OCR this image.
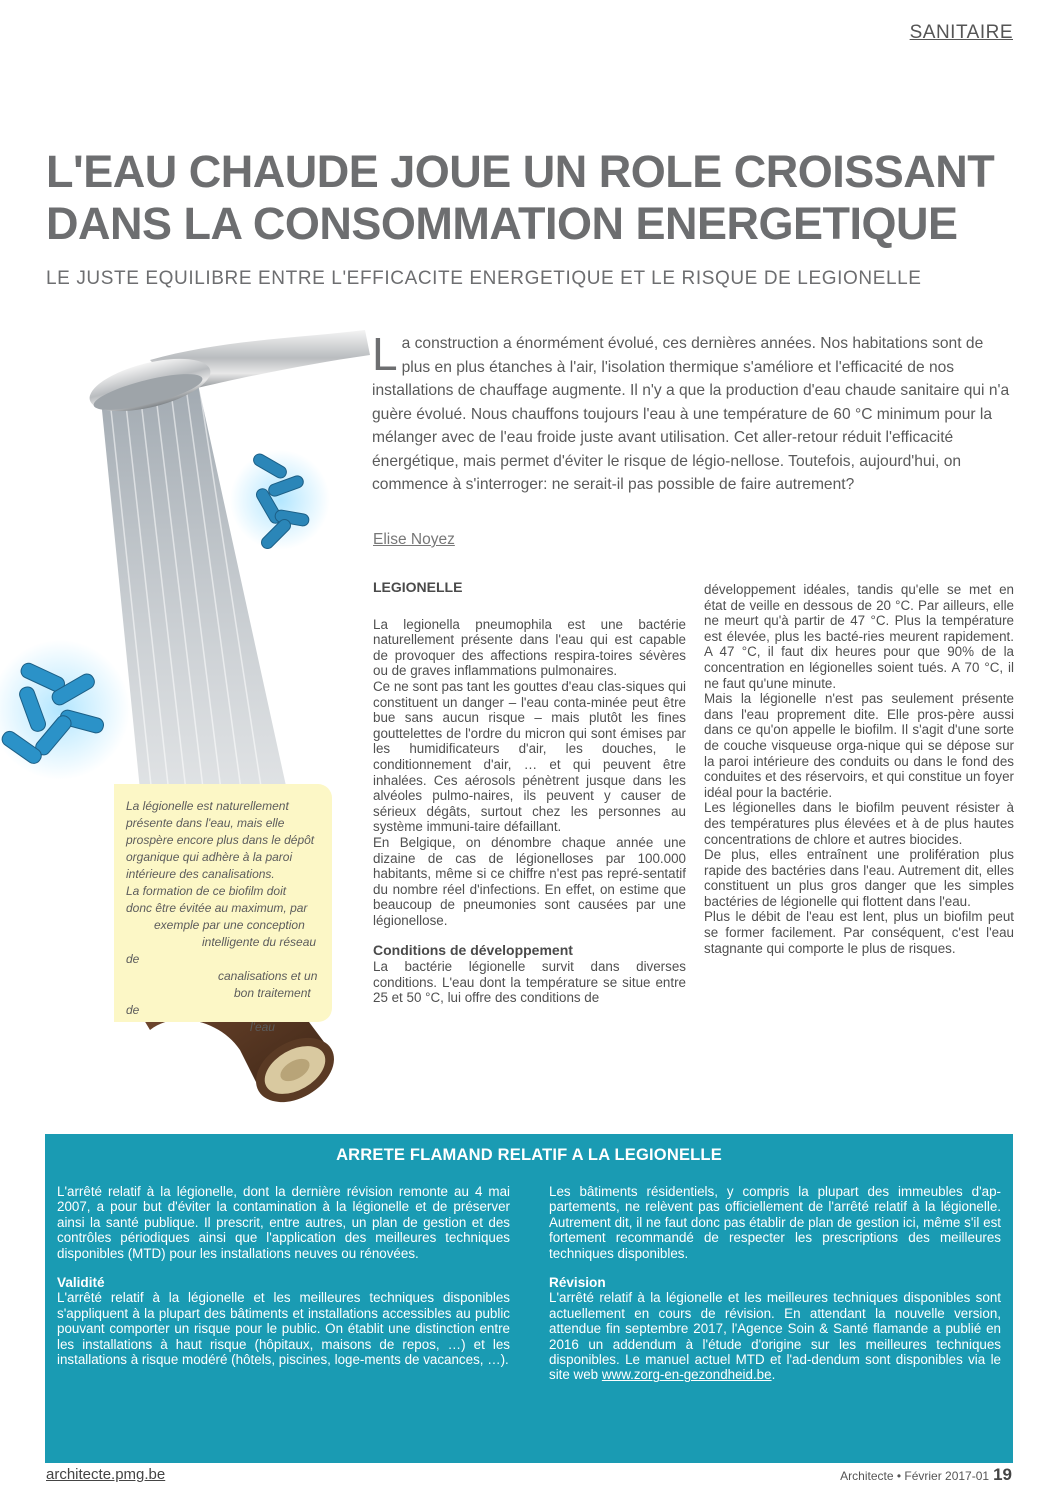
SANITAIRE
L'EAU CHAUDE JOUE UN ROLE CROISSANT
DANS LA CONSOMMATION ENERGETIQUE
LE JUSTE EQUILIBRE ENTRE L'EFFICACITE ENERGETIQUE ET LE RISQUE DE LEGIONELLE

La légionelle est naturellement
présente dans l'eau, mais elle
prospère encore plus dans le dépôt
organique qui adhère à la paroi
intérieure des canalisations.
La formation de ce biofilm doit
donc être évitée au maximum, par
exemple par une conception
intelligente du réseau de
canalisations et un
bon traitement de
l'eau

La construction a énormément évolué, ces dernières années. Nos habitations sont de plus en plus étanches à l'air, l'isolation thermique s'améliore et l'efficacité de nos installations de chauffage augmente. Il n'y a que la production d'eau chaude sanitaire qui n'a guère évolué. Nous chauffons toujours l'eau à une température de 60 °C minimum pour la mélanger avec de l'eau froide juste avant utilisation. Cet aller-retour réduit l'efficacité énergétique, mais permet d'éviter le risque de légio-nellose. Toutefois, aujourd'hui, on commence à s'interroger: ne serait-il pas possible de faire autrement?
Elise Noyez
LEGIONELLE

La legionella pneumophila est une bactérie naturellement présente dans l'eau qui est capable de provoquer des affections respira-toires sévères ou de graves inflammations pulmonaires.

Ce ne sont pas tant les gouttes d'eau clas-siques qui constituent un danger – l'eau conta-minée peut être bue sans aucun risque – mais plutôt les fines gouttelettes de l'ordre du micron qui sont émises par les humidificateurs d'air, les douches, le conditionnement d'air, … et qui peuvent être inhalées. Ces aérosols pénètrent jusque dans les alvéoles pulmo-naires, ils peuvent y causer de sérieux dégâts, surtout chez les personnes au système immuni-taire défaillant.

En Belgique, on dénombre chaque année une dizaine de cas de légionelloses par 100.000 habitants, même si ce chiffre n'est pas repré-sentatif du nombre réel d'infections. En effet, on estime que beaucoup de pneumonies sont causées par une légionellose.

Conditions de développement

La bactérie légionelle survit dans diverses conditions. L'eau dont la température se situe entre 25 et 50 °C, lui offre des conditions de

développement idéales, tandis qu'elle se met en état de veille en dessous de 20 °C. Par ailleurs, elle ne meurt qu'à partir de 47 °C. Plus la température est élevée, plus les bacté-ries meurent rapidement. A 47 °C, il faut dix heures pour que 90% de la concentration en légionelles soient tués. A 70 °C, il ne faut qu'une minute.

Mais la légionelle n'est pas seulement présente dans l'eau proprement dite. Elle pros-père aussi dans ce qu'on appelle le biofilm. Il s'agit d'une sorte de couche visqueuse orga-nique qui se dépose sur la paroi intérieure des conduits ou dans le fond des conduites et des réservoirs, et qui constitue un foyer idéal pour la bactérie.

Les légionelles dans le biofilm peuvent résister à des températures plus élevées et à de plus hautes concentrations de chlore et autres biocides.

De plus, elles entraînent une prolifération plus rapide des bactéries dans l'eau. Autrement dit, elles constituent un plus gros danger que les simples bactéries de légionelle qui flottent dans l'eau.

Plus le débit de l'eau est lent, plus un biofilm peut se former facilement. Par conséquent, c'est l'eau stagnante qui comporte le plus de risques.

ARRETE FLAMAND RELATIF A LA LEGIONELLE

L'arrêté relatif à la légionelle, dont la dernière révision remonte au 4 mai 2007, a pour but d'éviter la contamination à la légionelle et de préserver ainsi la santé publique. Il prescrit, entre autres, un plan de gestion et des contrôles périodiques ainsi que l'application des meilleures techniques disponibles (MTD) pour les installations neuves ou rénovées.

Validité

L'arrêté relatif à la légionelle et les meilleures techniques disponibles s'appliquent à la plupart des bâtiments et installations accessibles au public pouvant comporter un risque pour le public. On établit une distinction entre les installations à haut risque (hôpitaux, maisons de repos, …) et les installations à risque modéré (hôtels, piscines, loge-ments de vacances, …).

Les bâtiments résidentiels, y compris la plupart des immeubles d'ap-partements, ne relèvent pas officiellement de l'arrêté relatif à la légionelle. Autrement dit, il ne faut donc pas établir de plan de gestion ici, même s'il est fortement recommandé de respecter les prescriptions des meilleures techniques disponibles.

Révision

L'arrêté relatif à la légionelle et les meilleures techniques disponibles sont actuellement en cours de révision. En attendant la nouvelle version, attendue fin septembre 2017, l'Agence Soin & Santé flamande a publié en 2016 un addendum à l'étude d'origine sur les meilleures techniques disponibles. Le manuel actuel MTD et l'ad-dendum sont disponibles via le site web www.zorg-en-gezondheid.be.

architecte.pmg.be	Architecte • Février 2017-01 19
